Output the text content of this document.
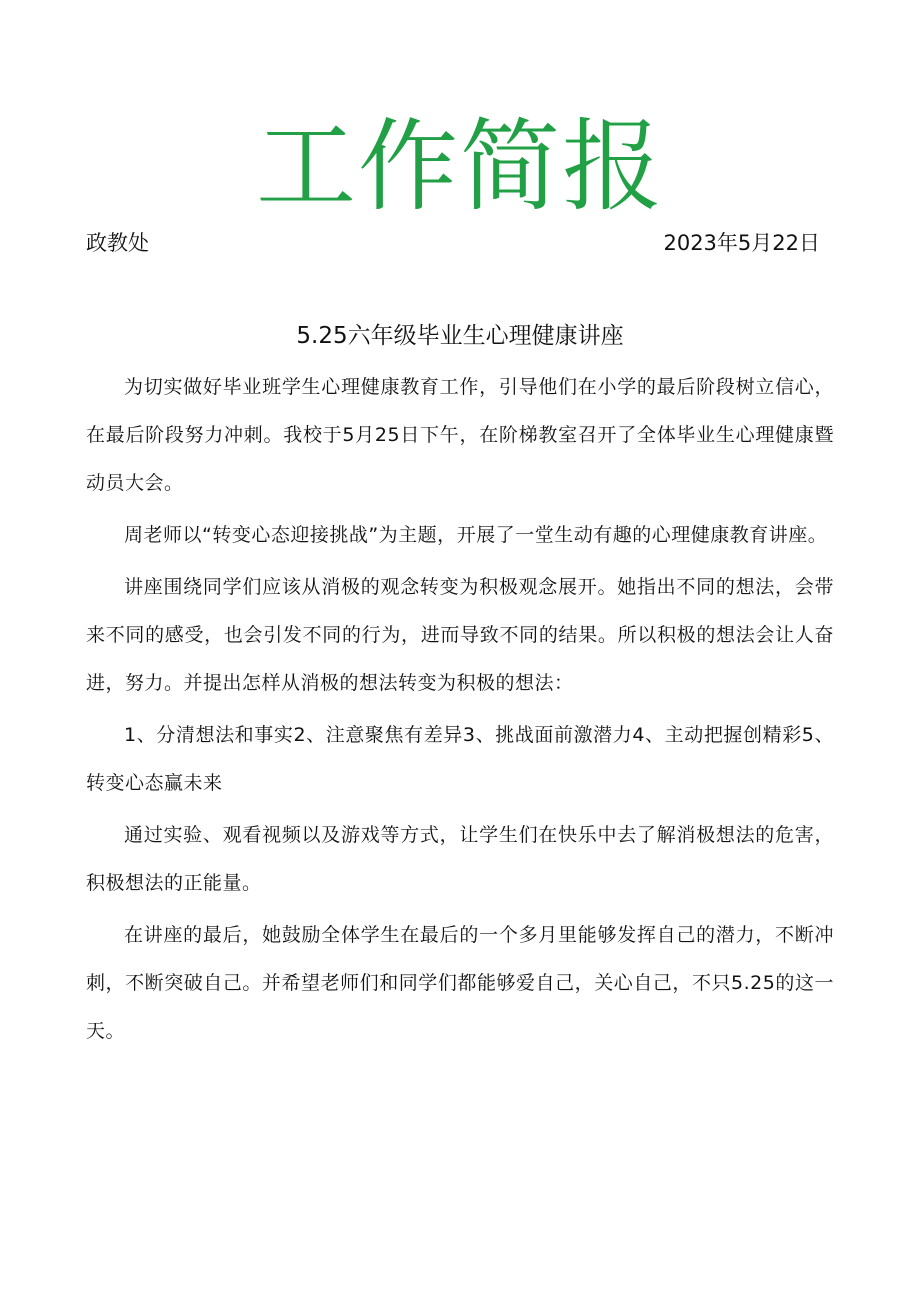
工作简报
政教处	2023年5月22日
5.25六年级毕业生心理健康讲座

为切实做好毕业班学生心理健康教育工作，引导他们在小学的最后阶段树立信心，在最后阶段努力冲刺。我校于5月25日下午，在阶梯教室召开了全体毕业生心理健康暨动员大会。

周老师以“转变心态迎接挑战”为主题，开展了一堂生动有趣的心理健康教育讲座。

讲座围绕同学们应该从消极的观念转变为积极观念展开。她指出不同的想法，会带来不同的感受，也会引发不同的行为，进而导致不同的结果。所以积极的想法会让人奋进，努力。并提出怎样从消极的想法转变为积极的想法：

1、分清想法和事实2、注意聚焦有差异3、挑战面前激潜力4、主动把握创精彩5、转变心态赢未来

通过实验、观看视频以及游戏等方式，让学生们在快乐中去了解消极想法的危害，积极想法的正能量。

在讲座的最后，她鼓励全体学生在最后的一个多月里能够发挥自己的潜力，不断冲刺，不断突破自己。并希望老师们和同学们都能够爱自己，关心自己，不只5.25的这一天。
